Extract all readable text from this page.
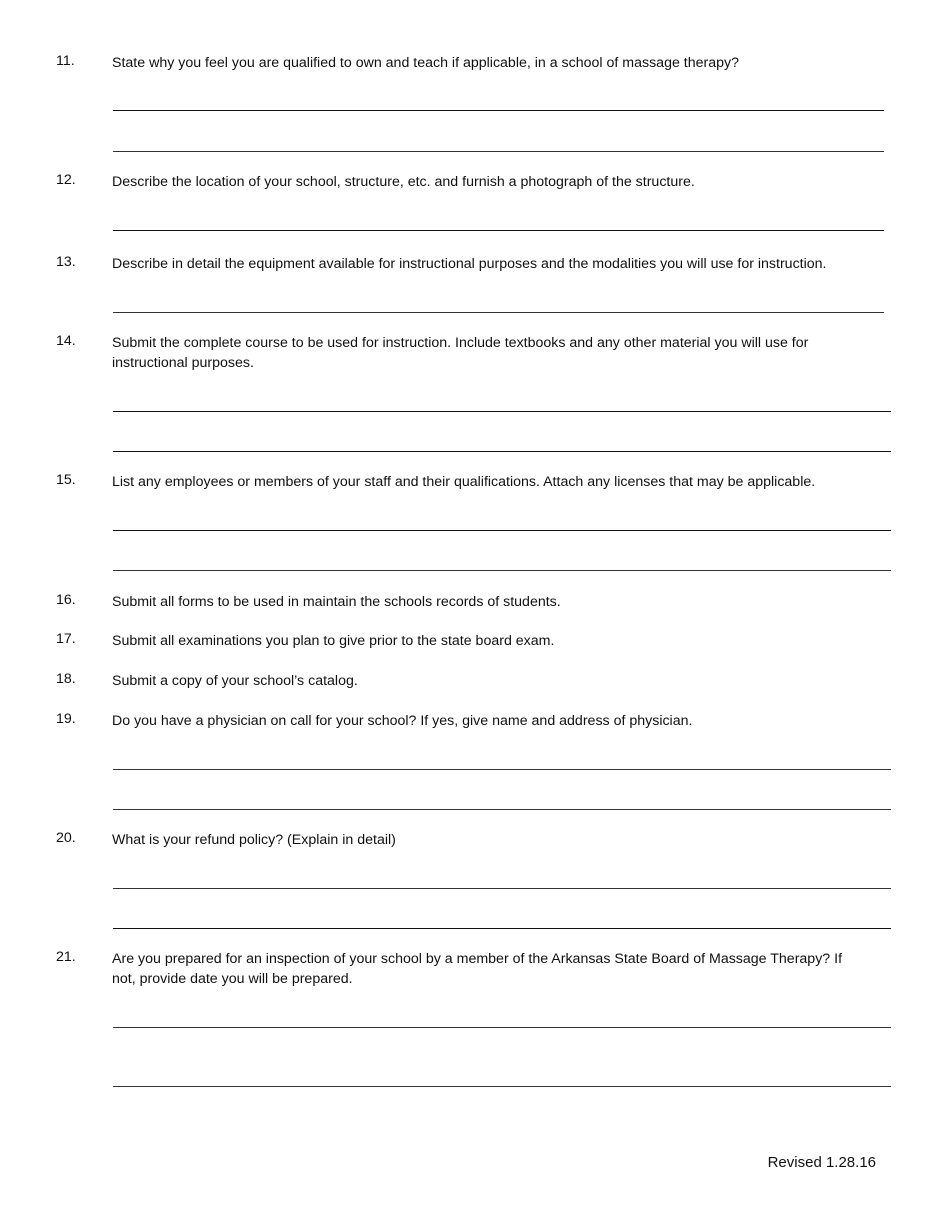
11.	State why you feel you are qualified to own and teach if applicable, in a school of massage therapy?
12.	Describe the location of your school, structure, etc. and furnish a photograph of the structure.
13.	Describe in detail the equipment available for instructional purposes and the modalities you will use for instruction.
14.	Submit the complete course to be used for instruction. Include textbooks and any other material you will use for instructional purposes.
15.	List any employees or members of your staff and their qualifications. Attach any licenses that may be applicable.
16.	Submit all forms to be used in maintain the schools records of students.
17.	Submit all examinations you plan to give prior to the state board exam.
18.	Submit a copy of your school’s catalog.
19.	Do you have a physician on call for your school? If yes, give name and address of physician.
20.	What is your refund policy? (Explain in detail)
21.	Are you prepared for an inspection of your school by a member of the Arkansas State Board of Massage Therapy? If not, provide date you will be prepared.
Revised 1.28.16
